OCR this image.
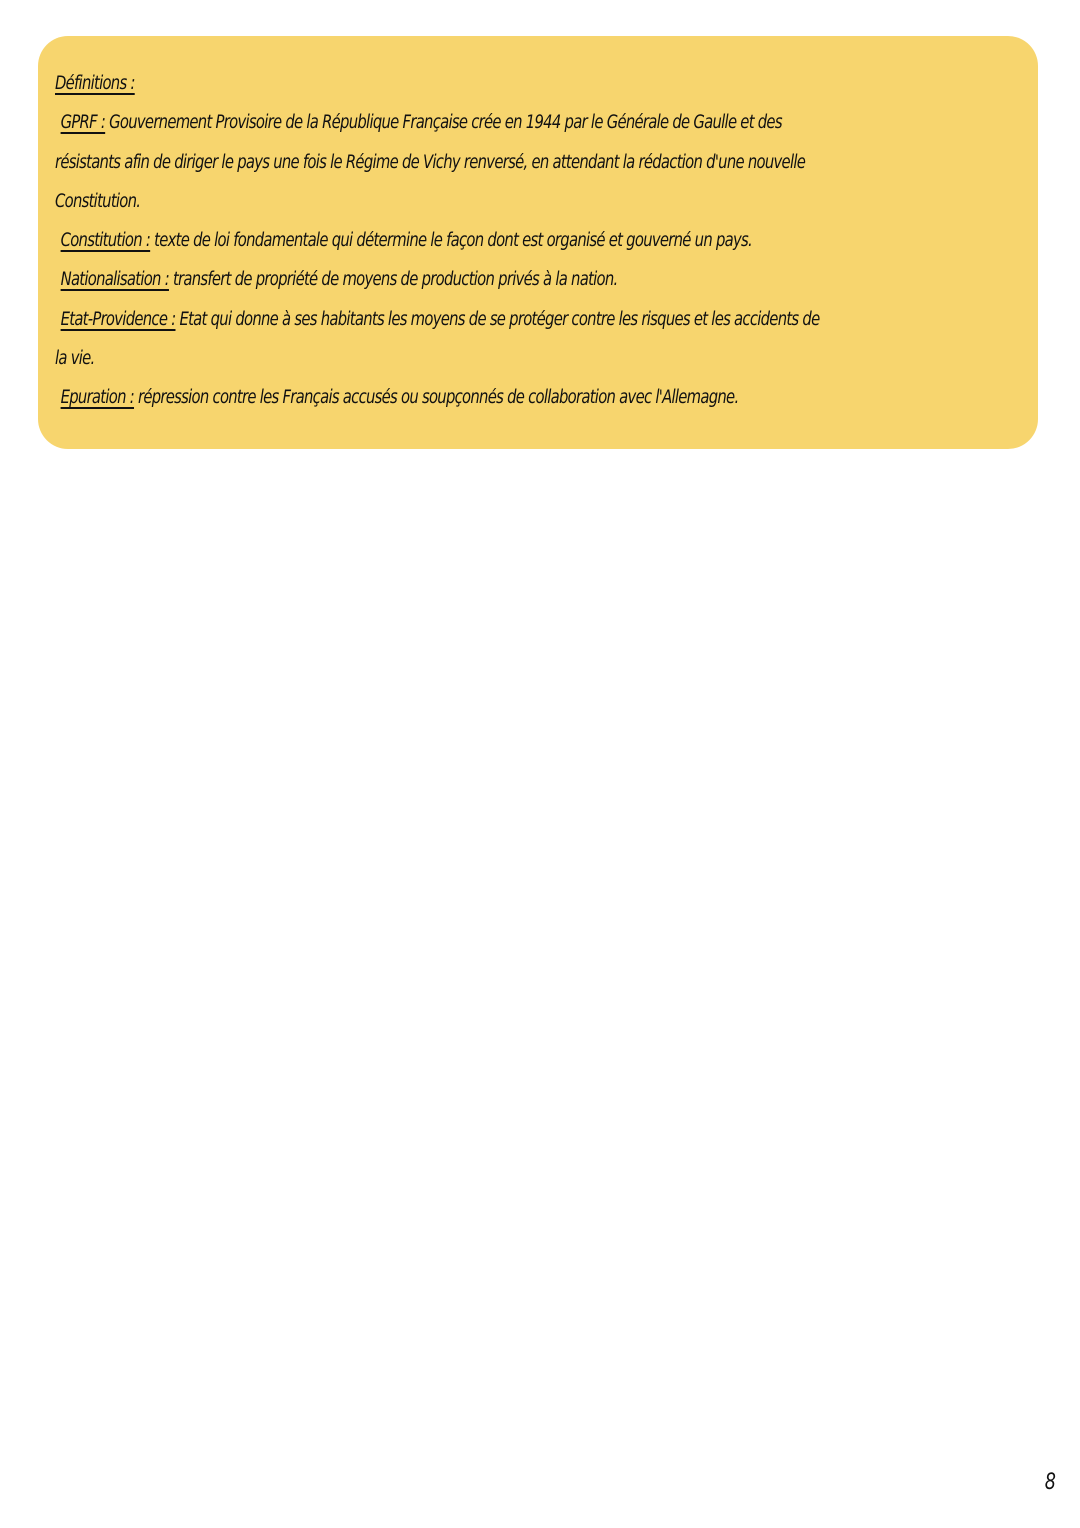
Définitions :
GPRF : Gouvernement Provisoire de la République Française crée en 1944 par le Générale de Gaulle et des
résistants afin de diriger le pays une fois le Régime de Vichy renversé, en attendant la rédaction d'une nouvelle
Constitution.
Constitution : texte de loi fondamentale qui détermine le façon dont est organisé et gouverné un pays.
Nationalisation : transfert de propriété de moyens de production privés à la nation.
Etat-Providence : Etat qui donne à ses habitants les moyens de se protéger contre les risques et les accidents de
la vie.
Epuration : répression contre les Français accusés ou soupçonnés de collaboration avec l'Allemagne.
8
